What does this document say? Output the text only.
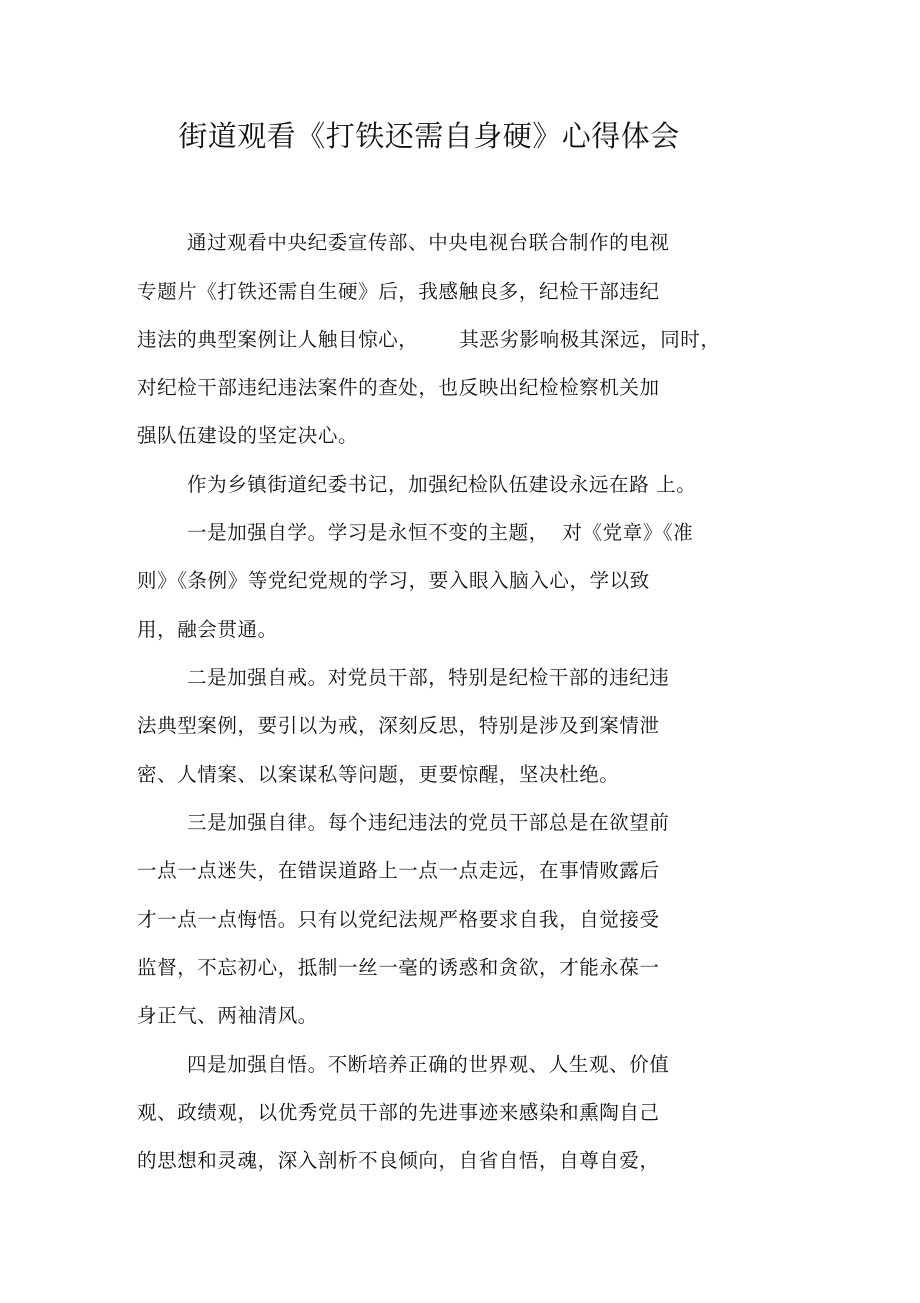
街道观看《打铁还需自身硬》心得体会
通过观看中央纪委宣传部、中央电视台联合制作的电视
专题片《打铁还需自生硬》后，我感触良多，纪检干部违纪
违法的典型案例让人触目惊心，      其恶劣影响极其深远，同时，
对纪检干部违纪违法案件的查处，也反映出纪检检察机关加
强队伍建设的坚定决心。
作为乡镇街道纪委书记，加强纪检队伍建设永远在路 上。
一是加强自学。学习是永恒不变的主题，  对《党章》《准
则》《条例》等党纪党规的学习，要入眼入脑入心，学以致
用，融会贯通。
二是加强自戒。对党员干部，特别是纪检干部的违纪违
法典型案例，要引以为戒，深刻反思，特别是涉及到案情泄
密、人情案、以案谋私等问题，更要惊醒，坚决杜绝。
三是加强自律。每个违纪违法的党员干部总是在欲望前
一点一点迷失，在错误道路上一点一点走远，在事情败露后
才一点一点悔悟。只有以党纪法规严格要求自我，自觉接受
监督，不忘初心，抵制一丝一毫的诱惑和贪欲，才能永葆一
身正气、两袖清风。
四是加强自悟。不断培养正确的世界观、人生观、价值
观、政绩观，以优秀党员干部的先进事迹来感染和熏陶自己
的思想和灵魂，深入剖析不良倾向，自省自悟，自尊自爱，
